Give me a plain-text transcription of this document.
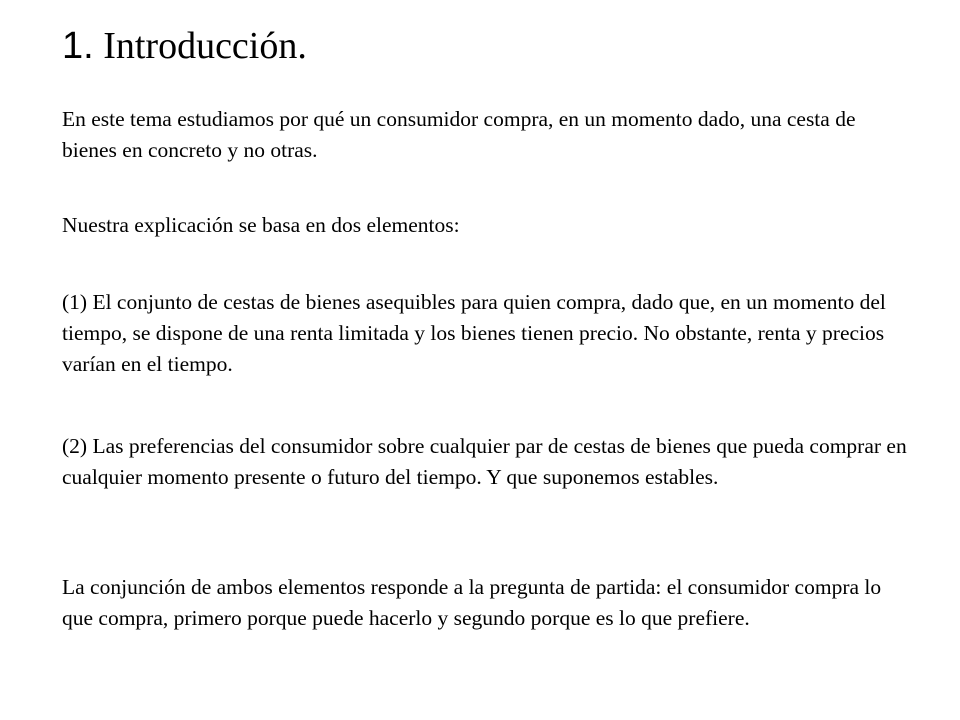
1. Introducción.

En este tema estudiamos por qué un consumidor compra, en un momento dado, una cesta de bienes en concreto y no otras.

Nuestra explicación se basa en dos elementos:

(1) El conjunto de cestas de bienes asequibles para quien compra, dado que, en un momento del tiempo, se dispone de una renta limitada y los bienes tienen precio. No obstante, renta y precios varían en el tiempo.

(2) Las preferencias del consumidor sobre cualquier par de cestas de bienes que pueda comprar en cualquier momento presente o futuro del tiempo. Y que suponemos estables.

La conjunción de ambos elementos responde a la pregunta de partida: el consumidor compra lo que compra, primero porque puede hacerlo y segundo porque es lo que prefiere.
